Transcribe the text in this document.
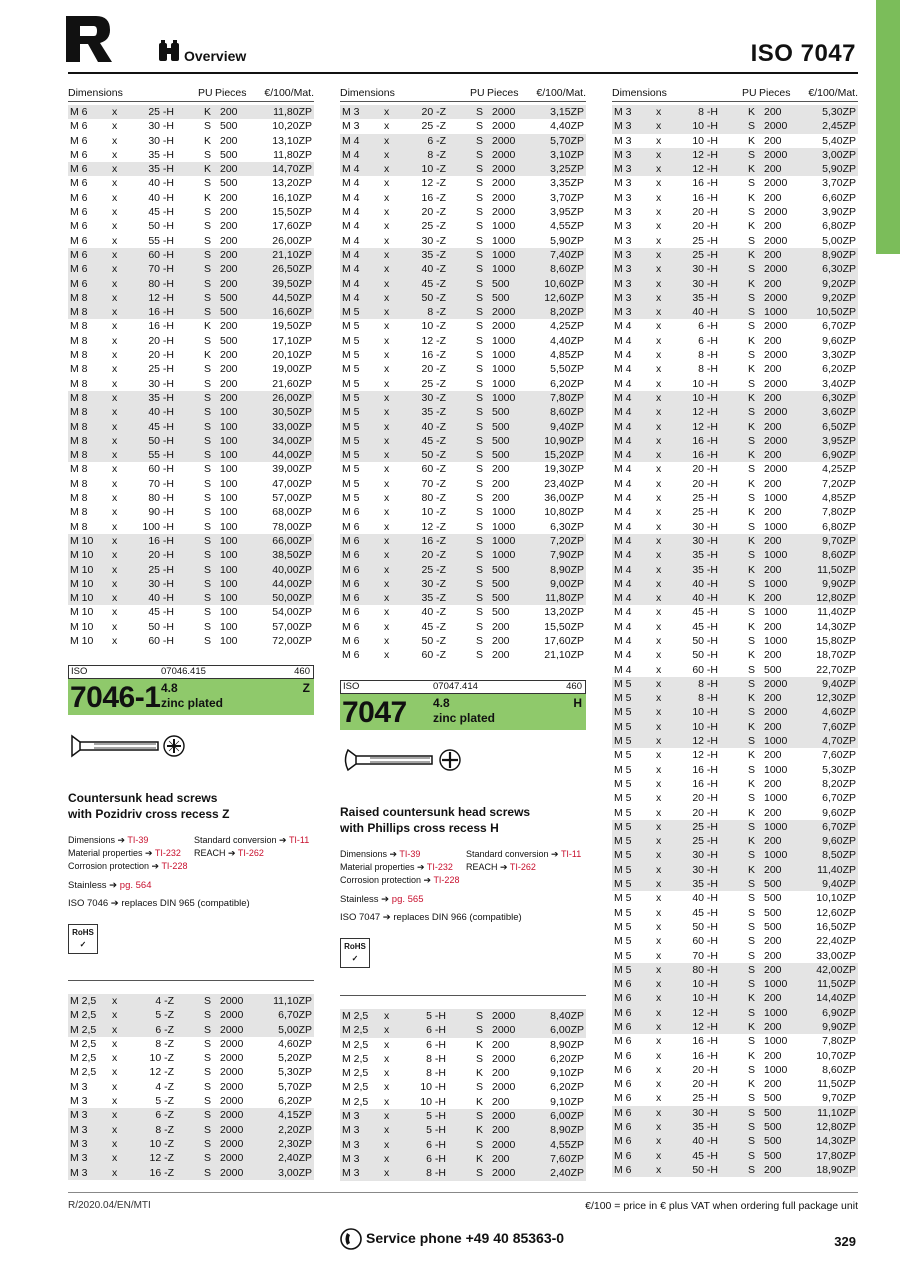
Overview	ISO 7047
Dimensions	PU Pieces €/100/Mat. Dimensions	PU Pieces €/100/Mat. Dimensions	PU Pieces €/100/Mat.
M 6 x	25 -H	K 200	11,80ZP
M 6 x	30 -H	S 500	10,20ZP
M 6 x	30 -H	K 200	13,10ZP
M 6 x	35 -H	S 500	11,80ZP
M 6 x	35 -H	K 200	14,70ZP
M 6 x	40 -H	S 500	13,20ZP
M 6 x	40 -H	K 200	16,10ZP
M 6 x	45 -H	S 200	15,50ZP
M 6 x	50 -H	S 200	17,60ZP
M 6 x	55 -H	S 200	26,00ZP
M 6 x	60 -H	S 200	21,10ZP
M 6 x	70 -H	S 200	26,50ZP
M 6 x	80 -H	S 200	39,50ZP
M 8 x	12 -H	S 500	44,50ZP
M 8 x	16 -H	S 500	16,60ZP
M 8 x	16 -H	K 200	19,50ZP
M 8 x	20 -H	S 500	17,10ZP
M 8 x	20 -H	K 200	20,10ZP
M 8 x	25 -H	S 200	19,00ZP
M 8 x	30 -H	S 200	21,60ZP
M 8 x	35 -H	S 200	26,00ZP
M 8 x	40 -H	S 100	30,50ZP
M 8 x	45 -H	S 100	33,00ZP
M 8 x	50 -H	S 100	34,00ZP
M 8 x	55 -H	S 100	44,00ZP
M 8 x	60 -H	S 100	39,00ZP
M 8 x	70 -H	S 100	47,00ZP
M 8 x	80 -H	S 100	57,00ZP
M 8 x	90 -H	S 100	68,00ZP
M 8 x	100 -H	S 100	78,00ZP
M 10 x	16 -H	S 100	66,00ZP
M 10 x	20 -H	S 100	38,50ZP
M 10 x	25 -H	S 100	40,00ZP
M 10 x	30 -H	S 100	44,00ZP
M 10 x	40 -H	S 100	50,00ZP
M 10 x	45 -H	S 100	54,00ZP
M 10 x	50 -H	S 100	57,00ZP
M 10 x	60 -H	S 100	72,00ZP
M 3 x	20 -Z	S 2000	3,15ZP
M 3 x	25 -Z	S 2000	4,40ZP
M 4 x	6 -Z	S 2000	5,70ZP
M 4 x	8 -Z	S 2000	3,10ZP
M 4 x	10 -Z	S 2000	3,25ZP
M 4 x	12 -Z	S 2000	3,35ZP
M 4 x	16 -Z	S 2000	3,70ZP
M 4 x	20 -Z	S 2000	3,95ZP
M 4 x	25 -Z	S 1000	4,55ZP
M 4 x	30 -Z	S 1000	5,90ZP
M 4 x	35 -Z	S 1000	7,40ZP
M 4 x	40 -Z	S 1000	8,60ZP
M 4 x	45 -Z	S 500	10,60ZP
M 4 x	50 -Z	S 500	12,60ZP
M 5 x	8 -Z	S 2000	8,20ZP
M 5 x	10 -Z	S 2000	4,25ZP
M 5 x	12 -Z	S 1000	4,40ZP
M 5 x	16 -Z	S 1000	4,85ZP
M 5 x	20 -Z	S 1000	5,50ZP
M 5 x	25 -Z	S 1000	6,20ZP
M 5 x	30 -Z	S 1000	7,80ZP
M 5 x	35 -Z	S 500	8,60ZP
M 5 x	40 -Z	S 500	9,40ZP
M 5 x	45 -Z	S 500	10,90ZP
M 5 x	50 -Z	S 500	15,20ZP
M 5 x	60 -Z	S 200	19,30ZP
M 5 x	70 -Z	S 200	23,40ZP
M 5 x	80 -Z	S 200	36,00ZP
M 6 x	10 -Z	S 1000	10,80ZP
M 6 x	12 -Z	S 1000	6,30ZP
M 6 x	16 -Z	S 1000	7,20ZP
M 6 x	20 -Z	S 1000	7,90ZP
M 6 x	25 -Z	S 500	8,90ZP
M 6 x	30 -Z	S 500	9,00ZP
M 6 x	35 -Z	S 500	11,80ZP
M 6 x	40 -Z	S 500	13,20ZP
M 6 x	45 -Z	S 200	15,50ZP
M 6 x	50 -Z	S 200	17,60ZP
M 6 x	60 -Z	S 200	21,10ZP
M 3 x	8 -H	K 200	5,30ZP
M 3 x	10 -H	S 2000	2,45ZP
M 3 x	10 -H	K 200	5,40ZP
M 3 x	12 -H	S 2000	3,00ZP
M 3 x	12 -H	K 200	5,90ZP
M 3 x	16 -H	S 2000	3,70ZP
M 3 x	16 -H	K 200	6,60ZP
M 3 x	20 -H	S 2000	3,90ZP
M 3 x	20 -H	K 200	6,80ZP
M 3 x	25 -H	S 2000	5,00ZP
M 3 x	25 -H	K 200	8,90ZP
M 3 x	30 -H	S 2000	6,30ZP
M 3 x	30 -H	K 200	9,20ZP
M 3 x	35 -H	S 2000	9,20ZP
M 3 x	40 -H	S 1000	10,50ZP
M 4 x	6 -H	S 2000	6,70ZP
M 4 x	6 -H	K 200	9,60ZP
M 4 x	8 -H	S 2000	3,30ZP
M 4 x	8 -H	K 200	6,20ZP
M 4 x	10 -H	S 2000	3,40ZP
M 4 x	10 -H	K 200	6,30ZP
M 4 x	12 -H	S 2000	3,60ZP
M 4 x	12 -H	K 200	6,50ZP
M 4 x	16 -H	S 2000	3,95ZP
M 4 x	16 -H	K 200	6,90ZP
M 4 x	20 -H	S 2000	4,25ZP
M 4 x	20 -H	K 200	7,20ZP
M 4 x	25 -H	S 1000	4,85ZP
M 4 x	25 -H	K 200	7,80ZP
M 4 x	30 -H	S 1000	6,80ZP
M 4 x	30 -H	K 200	9,70ZP
M 4 x	35 -H	S 1000	8,60ZP
M 4 x	35 -H	K 200	11,50ZP
M 4 x	40 -H	S 1000	9,90ZP
M 4 x	40 -H	K 200	12,80ZP
M 4 x	45 -H	S 1000	11,40ZP
M 4 x	45 -H	K 200	14,30ZP
M 4 x	50 -H	S 1000	15,80ZP
M 4 x	50 -H	K 200	18,70ZP
M 4 x	60 -H	S 500	22,70ZP
M 5 x	8 -H	S 2000	9,40ZP
M 5 x	8 -H	K 200	12,30ZP
M 5 x	10 -H	S 2000	4,60ZP
M 5 x	10 -H	K 200	7,60ZP
M 5 x	12 -H	S 1000	4,70ZP
M 5 x	12 -H	K 200	7,60ZP
M 5 x	16 -H	S 1000	5,30ZP
M 5 x	16 -H	K 200	8,20ZP
M 5 x	20 -H	S 1000	6,70ZP
M 5 x	20 -H	K 200	9,60ZP
M 5 x	25 -H	S 1000	6,70ZP
M 5 x	25 -H	K 200	9,60ZP
M 5 x	30 -H	S 1000	8,50ZP
M 5 x	30 -H	K 200	11,40ZP
M 5 x	35 -H	S 500	9,40ZP
M 5 x	40 -H	S 500	10,10ZP
M 5 x	45 -H	S 500	12,60ZP
M 5 x	50 -H	S 500	16,50ZP
M 5 x	60 -H	S 200	22,40ZP
M 5 x	70 -H	S 200	33,00ZP
M 5 x	80 -H	S 200	42,00ZP
M 6 x	10 -H	S 1000	11,50ZP
M 6 x	10 -H	K 200	14,40ZP
M 6 x	12 -H	S 1000	6,90ZP
M 6 x	12 -H	K 200	9,90ZP
M 6 x	16 -H	S 1000	7,80ZP
M 6 x	16 -H	K 200	10,70ZP
M 6 x	20 -H	S 1000	8,60ZP
M 6 x	20 -H	K 200	11,50ZP
M 6 x	25 -H	S 500	9,70ZP
M 6 x	30 -H	S 500	11,10ZP
M 6 x	35 -H	S 500	12,80ZP
M 6 x	40 -H	S 500	14,30ZP
M 6 x	45 -H	S 500	17,80ZP
M 6 x	50 -H	S 200	18,90ZP
M 2,5 x	4 -Z	S 2000	11,10ZP
M 2,5 x	5 -Z	S 2000	6,70ZP
M 2,5 x	6 -Z	S 2000	5,00ZP
M 2,5 x	8 -Z	S 2000	4,60ZP
M 2,5 x	10 -Z	S 2000	5,20ZP
M 2,5 x	12 -Z	S 2000	5,30ZP
M 3 x	4 -Z	S 2000	5,70ZP
M 3 x	5 -Z	S 2000	6,20ZP
M 3 x	6 -Z	S 2000	4,15ZP
M 3 x	8 -Z	S 2000	2,20ZP
M 3 x	10 -Z	S 2000	2,30ZP
M 3 x	12 -Z	S 2000	2,40ZP
M 3 x	16 -Z	S 2000	3,00ZP
M 2,5 x	5 -H	S 2000	8,40ZP
M 2,5 x	6 -H	S 2000	6,00ZP
M 2,5 x	6 -H	K 200	8,90ZP
M 2,5 x	8 -H	S 2000	6,20ZP
M 2,5 x	8 -H	K 200	9,10ZP
M 2,5 x	10 -H	S 2000	6,20ZP
M 2,5 x	10 -H	K 200	9,10ZP
M 3 x	5 -H	S 2000	6,00ZP
M 3 x	5 -H	K 200	8,90ZP
M 3 x	6 -H	S 2000	4,55ZP
M 3 x	6 -H	K 200	7,60ZP
M 3 x	8 -H	S 2000	2,40ZP
ISO	07046.415	460
7046-1 4.8
zinc plated
Z
Countersunk head screws
with Pozidriv cross recess Z
Dimensions ➔ TI-39	Standard conversion ➔ TI-11
Material properties ➔ TI-232 REACH ➔ TI-262
Corrosion protection ➔ TI-228
Stainless ➔ pg. 564
ISO 7046 ➔ replaces DIN 965 (compatible)
RoHS
✓
ISO	07047.414	460
7047 4.8
zinc plated
H
Raised countersunk head screws
with Phillips cross recess H
Dimensions ➔ TI-39	Standard conversion ➔ TI-11
Material properties ➔ TI-232 REACH ➔ TI-262
Corrosion protection ➔ TI-228
Stainless ➔ pg. 565
ISO 7047 ➔ replaces DIN 966 (compatible)
RoHS
✓
R/2020.04/EN/MTI	€/100 = price in € plus VAT when ordering full package unit
Service phone +49 40 85363-0	329
